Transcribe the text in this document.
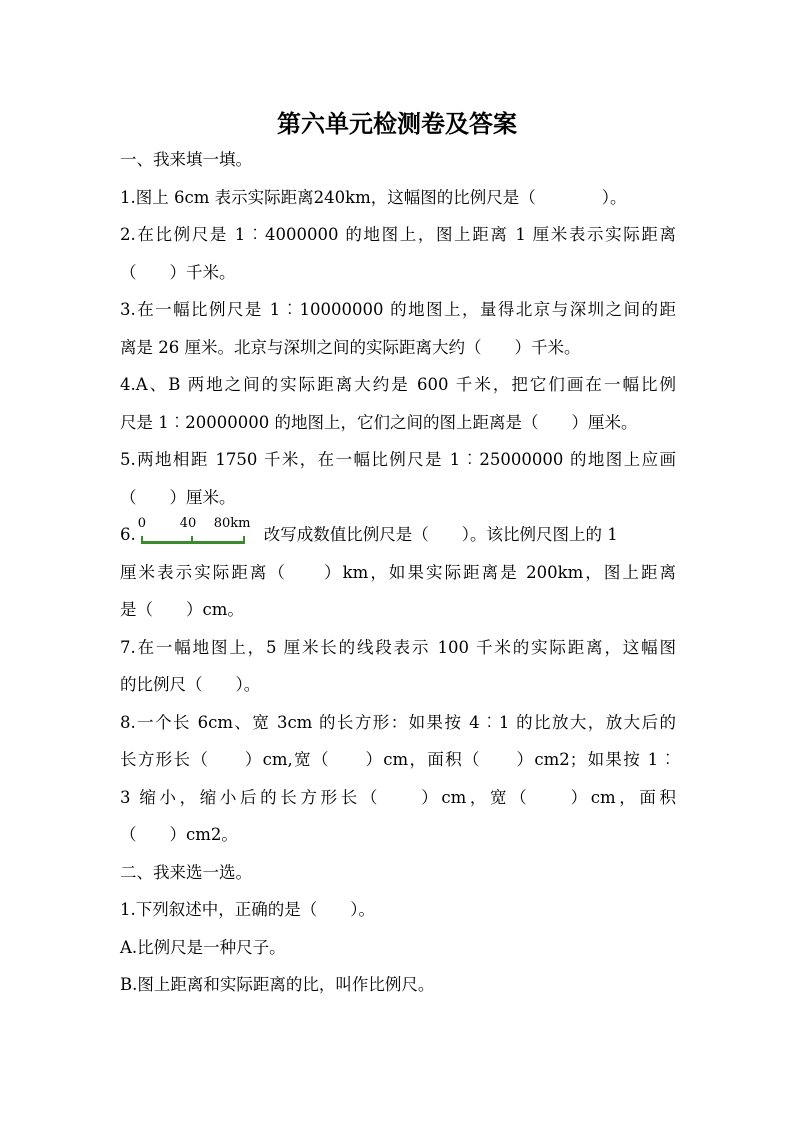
第六单元检测卷及答案
一、我来填一填。
1.图上 6cm 表示实际距离240km，这幅图的比例尺是（　　　　）。
2.在比例尺是 1︰4000000 的地图上，图上距离 1 厘米表示实际距离
（　　）千米。
3.在一幅比例尺是 1︰10000000 的地图上，量得北京与深圳之间的距
离是 26 厘米。北京与深圳之间的实际距离大约（　　）千米。
4.A、B 两地之间的实际距离大约是 600 千米，把它们画在一幅比例
尺是 1︰20000000 的地图上，它们之间的图上距离是（　　）厘米。
5.两地相距 1750 千米，在一幅比例尺是 1︰25000000 的地图上应画
（　　）厘米。
6.
0	40 80km
改写成数值比例尺是（　　）。该比例尺图上的 1
厘米表示实际距离（　　）km，如果实际距离是 200km，图上距离
是（　　）cm。
7.在一幅地图上，5 厘米长的线段表示 100 千米的实际距离，这幅图
的比例尺（　　）。
8.一个长 6cm、宽 3cm 的长方形：如果按 4︰1 的比放大，放大后的
长方形长（　　）cm,宽（　　）cm，面积（　　）cm2；如果按 1︰
3 缩小，缩小后的长方形长（　　）cm，宽（　　）cm，面积
（　　）cm2。
二、我来选一选。
1.下列叙述中，正确的是（　　）。
A.比例尺是一种尺子。
B.图上距离和实际距离的比，叫作比例尺。
